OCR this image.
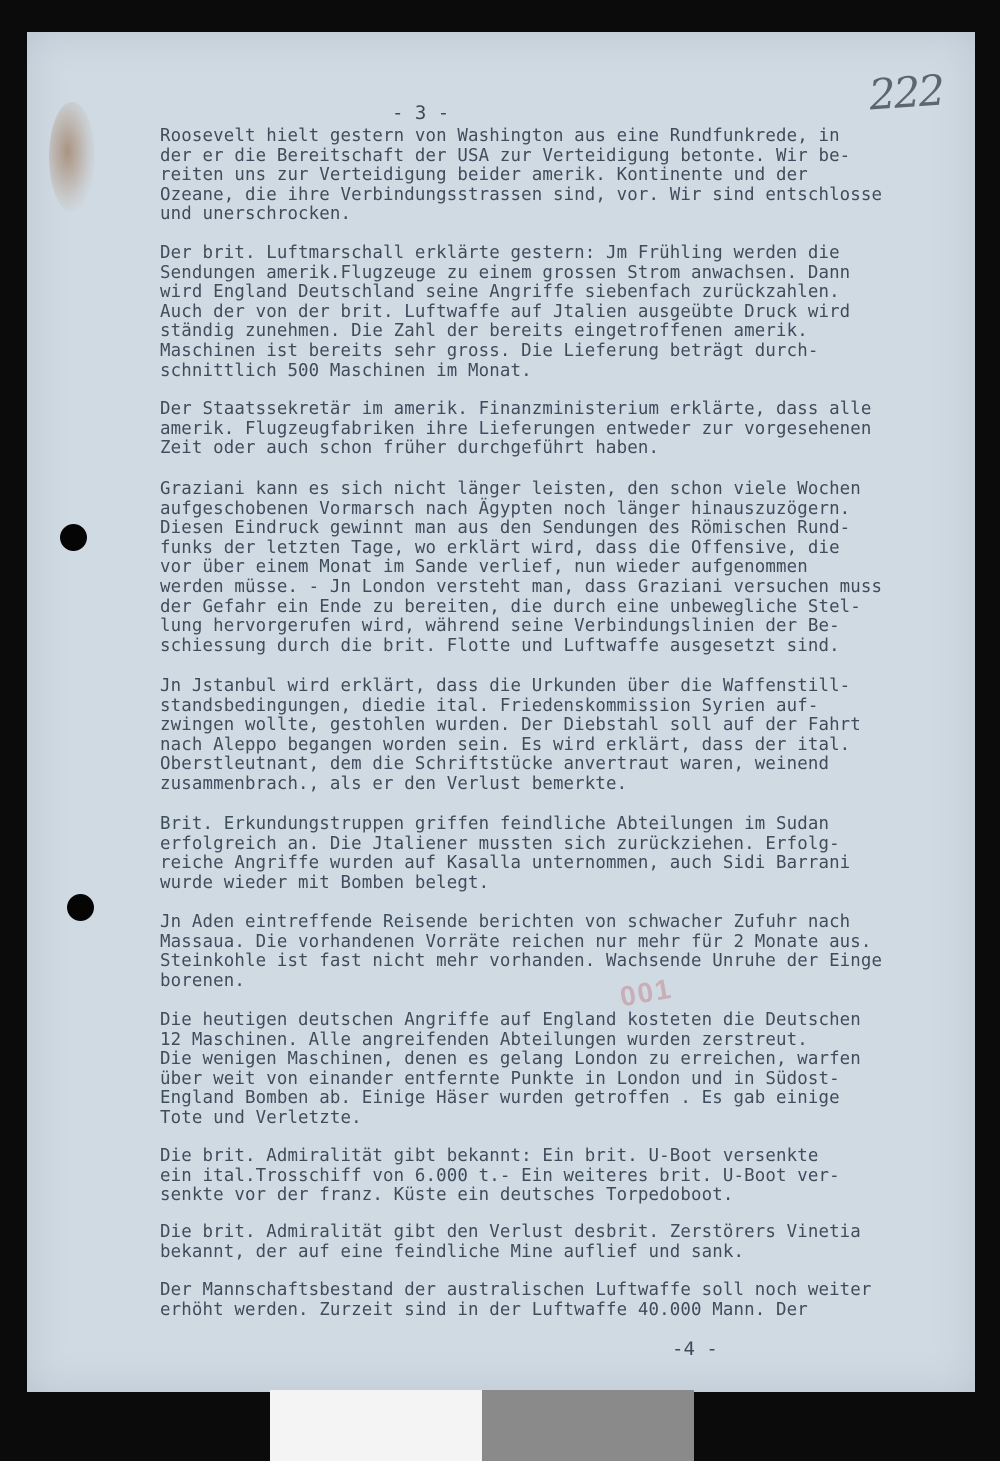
222
001
- 3 -

Roosevelt hielt gestern von Washington aus eine Rundfunkrede, in
der er die Bereitschaft der USA zur Verteidigung betonte. Wir be-
reiten uns zur Verteidigung beider amerik. Kontinente und der
Ozeane, die ihre Verbindungsstrassen sind, vor. Wir sind entschlosse
und unerschrocken.

Der brit. Luftmarschall erklärte gestern: Jm Frühling werden die
Sendungen amerik.Flugzeuge zu einem grossen Strom anwachsen. Dann
wird England Deutschland seine Angriffe siebenfach zurückzahlen.
Auch der von der brit. Luftwaffe auf Jtalien ausgeübte Druck wird
ständig zunehmen. Die Zahl der bereits eingetroffenen amerik.
Maschinen ist bereits sehr gross. Die Lieferung beträgt durch-
schnittlich 500 Maschinen im Monat.

Der Staatssekretär im amerik. Finanzministerium erklärte, dass alle
amerik. Flugzeugfabriken ihre Lieferungen entweder zur vorgesehenen
Zeit oder auch schon früher durchgeführt haben.

Graziani kann es sich nicht länger leisten, den schon viele Wochen
aufgeschobenen Vormarsch nach Ägypten noch länger hinauszuzögern.
Diesen Eindruck gewinnt man aus den Sendungen des Römischen Rund-
funks der letzten Tage, wo erklärt wird, dass die Offensive, die
vor über einem Monat im Sande verlief, nun wieder aufgenommen
werden müsse. - Jn London versteht man, dass Graziani versuchen muss
der Gefahr ein Ende zu bereiten, die durch eine unbewegliche Stel-
lung hervorgerufen wird, während seine Verbindungslinien der Be-
schiessung durch die brit. Flotte und Luftwaffe ausgesetzt sind.

Jn Jstanbul wird erklärt, dass die Urkunden über die Waffenstill-
standsbedingungen, diedie ital. Friedenskommission Syrien auf-
zwingen wollte, gestohlen wurden. Der Diebstahl soll auf der Fahrt
nach Aleppo begangen worden sein. Es wird erklärt, dass der ital.
Oberstleutnant, dem die Schriftstücke anvertraut waren, weinend
zusammenbrach., als er den Verlust bemerkte.

Brit. Erkundungstruppen griffen feindliche Abteilungen im Sudan
erfolgreich an. Die Jtaliener mussten sich zurückziehen. Erfolg-
reiche Angriffe wurden auf Kasalla unternommen, auch Sidi Barrani
wurde wieder mit Bomben belegt.

Jn Aden eintreffende Reisende berichten von schwacher Zufuhr nach
Massaua. Die vorhandenen Vorräte reichen nur mehr für 2 Monate aus.
Steinkohle ist fast nicht mehr vorhanden. Wachsende Unruhe der Einge
borenen.

Die heutigen deutschen Angriffe auf England kosteten die Deutschen
12 Maschinen. Alle angreifenden Abteilungen wurden zerstreut.
Die wenigen Maschinen, denen es gelang London zu erreichen, warfen
über weit von einander entfernte Punkte in London und in Südost-
England Bomben ab. Einige Häser wurden getroffen . Es gab einige
Tote und Verletzte.

Die brit. Admiralität gibt bekannt: Ein brit. U-Boot versenkte
ein ital.Trosschiff von 6.000 t.- Ein weiteres brit. U-Boot ver-
senkte vor der franz. Küste ein deutsches Torpedoboot.

Die brit. Admiralität gibt den Verlust desbrit. Zerstörers Vinetia
bekannt, der auf eine feindliche Mine auflief und sank.

Der Mannschaftsbestand der australischen Luftwaffe soll noch weiter
erhöht werden. Zurzeit sind in der Luftwaffe 40.000 Mann. Der

-4 -
